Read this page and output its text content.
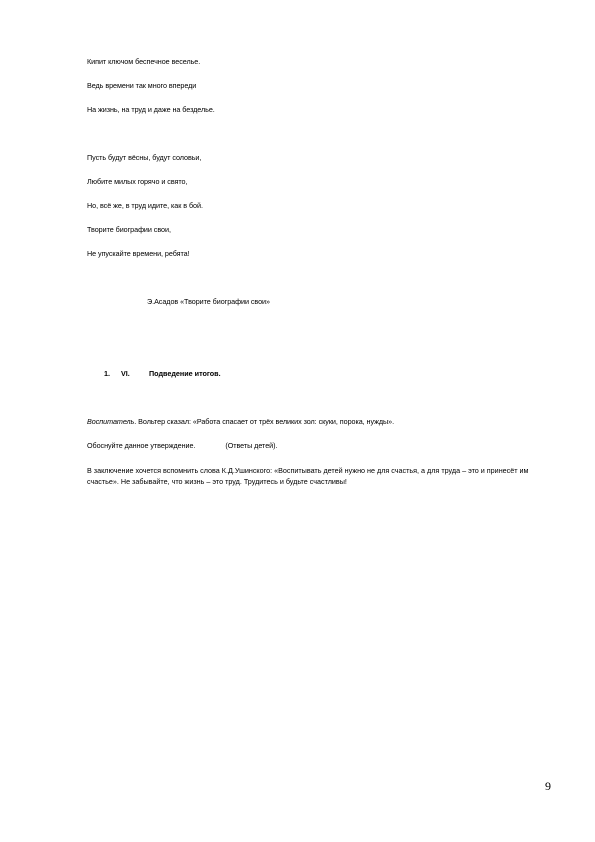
Кипит ключом беспечное веселье.
Ведь времени так много впереди
На жизнь, на труд и даже на безделье.
Пусть будут вёсны, будут соловьи,
Любите милых горячо и свято,
Но, всё же, в труд идите, как в бой.
Творите биографии свои,
Не упускайте времени, ребята!
Э.Асадов «Творите биографии свои»
1. VI.	Подведение итогов.
Воспитатель. Вольтер сказал: «Работа спасает от трёх великих зол: скуки, порока, нужды».
Обоснуйте данное утверждение.	(Ответы детей).
В заключение хочется вспомнить слова К.Д.Ушинского: «Воспитывать детей нужно не для счастья, а для труда – это и принесёт им счастье». Не забывайте, что жизнь – это труд. Трудитесь и будьте счастливы!
9
